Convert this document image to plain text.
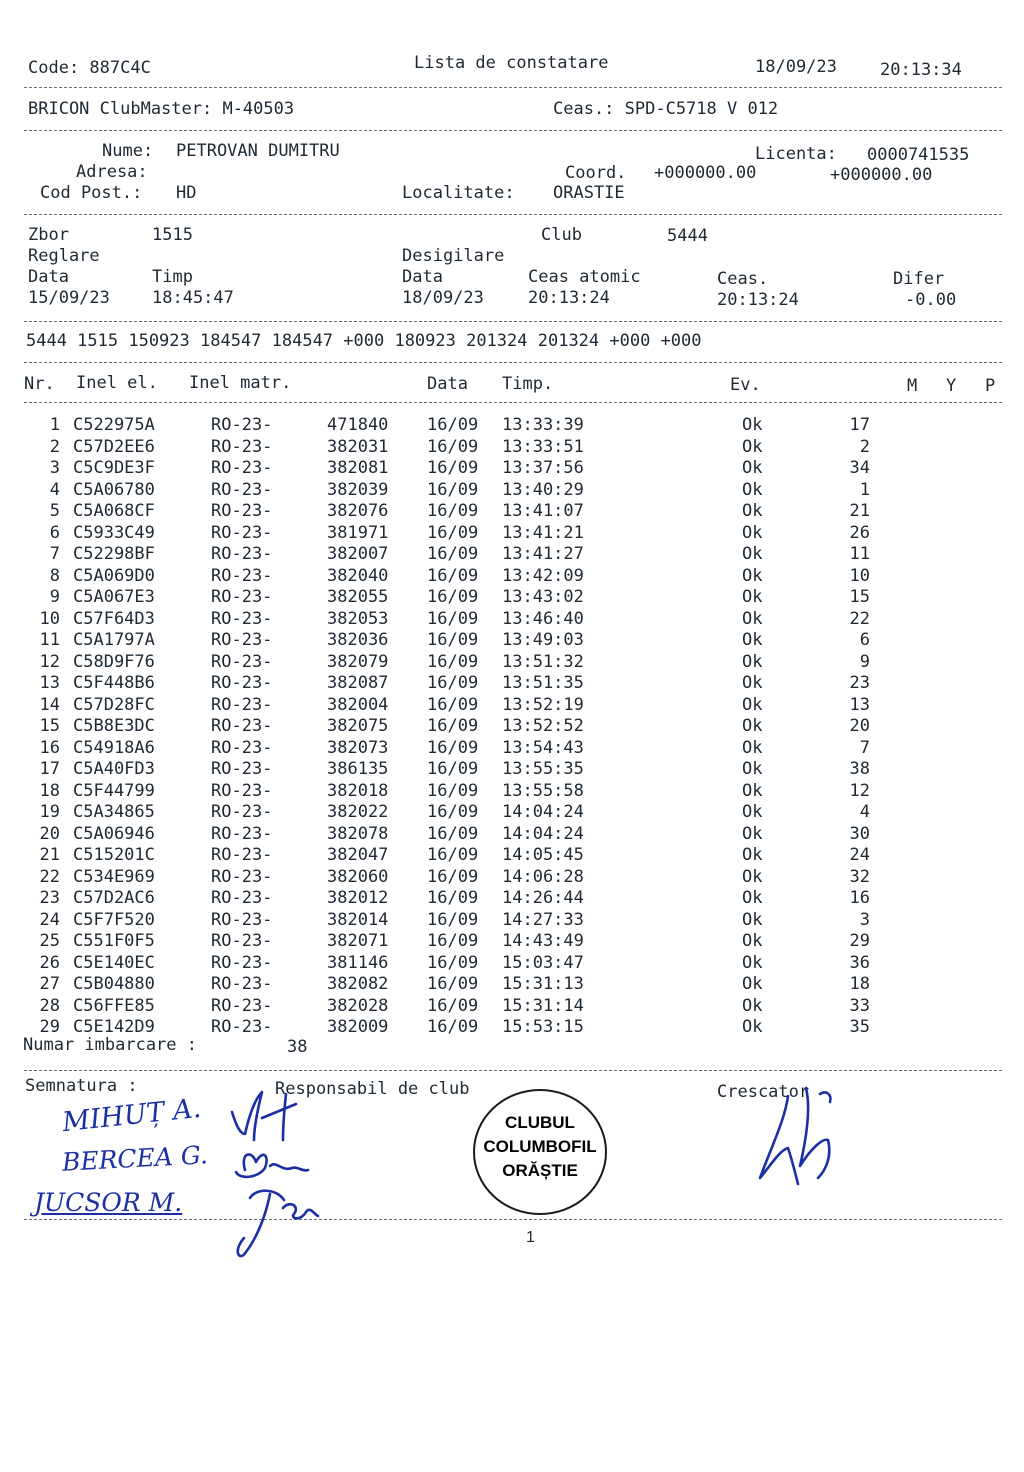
Code: 887C4C	Lista de constatare	18/09/23	20:13:34
BRICON ClubMaster: M-40503	Ceas.: SPD-C5718 V 012
Nume: PETROVAN DUMITRU	Licenta: 0000741535
Adresa:	Coord. +000000.00	+000000.00
Cod Post.: HD	Localitate: ORASTIE
Zbor	1515	Club	5444
Reglare	Desigilare
Data	Timp	Data	Ceas atomic	Ceas.	Difer
15/09/23 18:45:47	18/09/23	20:13:24	20:13:24	-0.00
5444 1515 150923 184547 184547 +000 180923 201324 201324 +000 +000
Nr. Inel el. Inel matr.	Data Timp.	Ev.	M Y P
1 C522975A	RO-23-	471840 16/09 13:33:39	Ok	17
2 C57D2EE6	RO-23-	382031 16/09 13:33:51	Ok	2
3 C5C9DE3F	RO-23-	382081 16/09 13:37:56	Ok	34
4 C5A06780	RO-23-	382039 16/09 13:40:29	Ok	1
5 C5A068CF	RO-23-	382076 16/09 13:41:07	Ok	21
6 C5933C49	RO-23-	381971 16/09 13:41:21	Ok	26
7 C52298BF	RO-23-	382007 16/09 13:41:27	Ok	11
8 C5A069D0	RO-23-	382040 16/09 13:42:09	Ok	10
9 C5A067E3	RO-23-	382055 16/09 13:43:02	Ok	15
10 C57F64D3	RO-23-	382053 16/09 13:46:40	Ok	22
11 C5A1797A	RO-23-	382036 16/09 13:49:03	Ok	6
12 C58D9F76	RO-23-	382079 16/09 13:51:32	Ok	9
13 C5F448B6	RO-23-	382087 16/09 13:51:35	Ok	23
14 C57D28FC	RO-23-	382004 16/09 13:52:19	Ok	13
15 C5B8E3DC	RO-23-	382075 16/09 13:52:52	Ok	20
16 C54918A6	RO-23-	382073 16/09 13:54:43	Ok	7
17 C5A40FD3	RO-23-	386135 16/09 13:55:35	Ok	38
18 C5F44799	RO-23-	382018 16/09 13:55:58	Ok	12
19 C5A34865	RO-23-	382022 16/09 14:04:24	Ok	4
20 C5A06946	RO-23-	382078 16/09 14:04:24	Ok	30
21 C515201C	RO-23-	382047 16/09 14:05:45	Ok	24
22 C534E969	RO-23-	382060 16/09 14:06:28	Ok	32
23 C57D2AC6	RO-23-	382012 16/09 14:26:44	Ok	16
24 C5F7F520	RO-23-	382014 16/09 14:27:33	Ok	3
25 C551F0F5	RO-23-	382071 16/09 14:43:49	Ok	29
26 C5E140EC	RO-23-	381146 16/09 15:03:47	Ok	36
27 C5B04880	RO-23-	382082 16/09 15:31:13	Ok	18
28 C56FFE85	RO-23-	382028 16/09 15:31:14	Ok	33
29 C5E142D9	RO-23-	382009 16/09 15:53:15	Ok	35
Numar imbarcare :	38
Semnatura :	Responsabil de club	Crescator
MIHUȚ A.
BERCEA G.
JUCSOR M.
CLUBUL
COLUMBOFIL
ORĂȘTIE
1
